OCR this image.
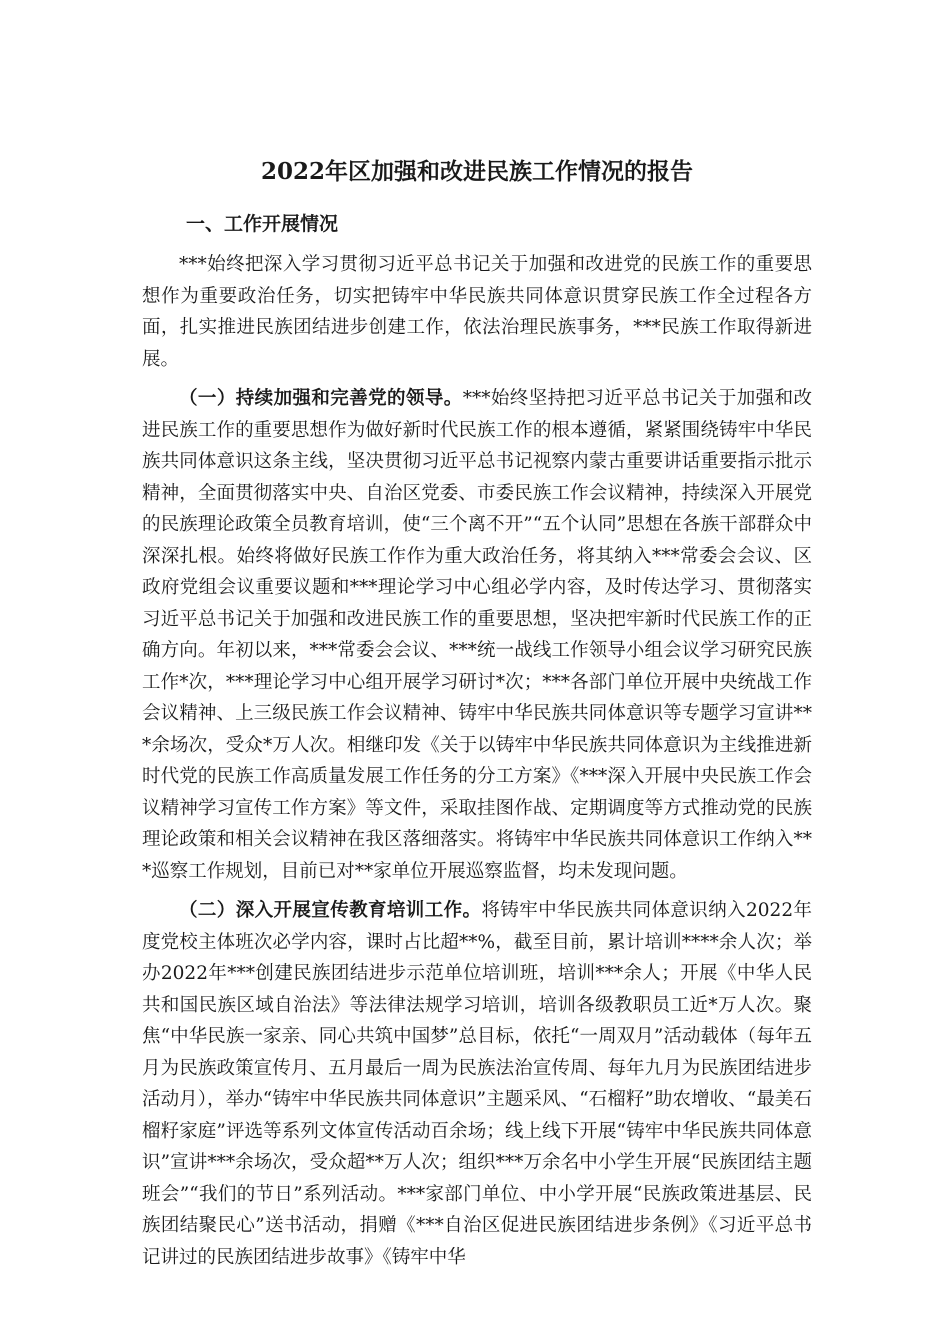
2022年区加强和改进民族工作情况的报告
一、工作开展情况

***始终把深入学习贯彻习近平总书记关于加强和改进党的民族工作的重要思想作为重要政治任务，切实把铸牢中华民族共同体意识贯穿民族工作全过程各方面，扎实推进民族团结进步创建工作，依法治理民族事务，***民族工作取得新进展。

（一）持续加强和完善党的领导。***始终坚持把习近平总书记关于加强和改进民族工作的重要思想作为做好新时代民族工作的根本遵循，紧紧围绕铸牢中华民族共同体意识这条主线，坚决贯彻习近平总书记视察内蒙古重要讲话重要指示批示精神，全面贯彻落实中央、自治区党委、市委民族工作会议精神，持续深入开展党的民族理论政策全员教育培训，使“三个离不开”“五个认同”思想在各族干部群众中深深扎根。始终将做好民族工作作为重大政治任务，将其纳入***常委会会议、区政府党组会议重要议题和***理论学习中心组必学内容，及时传达学习、贯彻落实习近平总书记关于加强和改进民族工作的重要思想，坚决把牢新时代民族工作的正确方向。年初以来，***常委会会议、***统一战线工作领导小组会议学习研究民族工作*次，***理论学习中心组开展学习研讨*次；***各部门单位开展中央统战工作会议精神、上三级民族工作会议精神、铸牢中华民族共同体意识等专题学习宣讲***余场次，受众*万人次。相继印发《关于以铸牢中华民族共同体意识为主线推进新时代党的民族工作高质量发展工作任务的分工方案》《***深入开展中央民族工作会议精神学习宣传工作方案》等文件，采取挂图作战、定期调度等方式推动党的民族理论政策和相关会议精神在我区落细落实。将铸牢中华民族共同体意识工作纳入***巡察工作规划，目前已对**家单位开展巡察监督，均未发现问题。

（二）深入开展宣传教育培训工作。将铸牢中华民族共同体意识纳入2022年度党校主体班次必学内容，课时占比超**%，截至目前，累计培训****余人次；举办2022年***创建民族团结进步示范单位培训班，培训***余人；开展《中华人民共和国民族区域自治法》等法律法规学习培训，培训各级教职员工近*万人次。聚焦“中华民族一家亲、同心共筑中国梦”总目标，依托“一周双月”活动载体（每年五月为民族政策宣传月、五月最后一周为民族法治宣传周、每年九月为民族团结进步活动月），举办“铸牢中华民族共同体意识”主题采风、“石榴籽”助农增收、“最美石榴籽家庭”评选等系列文体宣传活动百余场；线上线下开展“铸牢中华民族共同体意识”宣讲***余场次，受众超**万人次；组织***万余名中小学生开展“民族团结主题班会”“我们的节日”系列活动。***家部门单位、中小学开展“民族政策进基层、民族团结聚民心”送书活动，捐赠《***自治区促进民族团结进步条例》《习近平总书记讲过的民族团结进步故事》《铸牢中华
